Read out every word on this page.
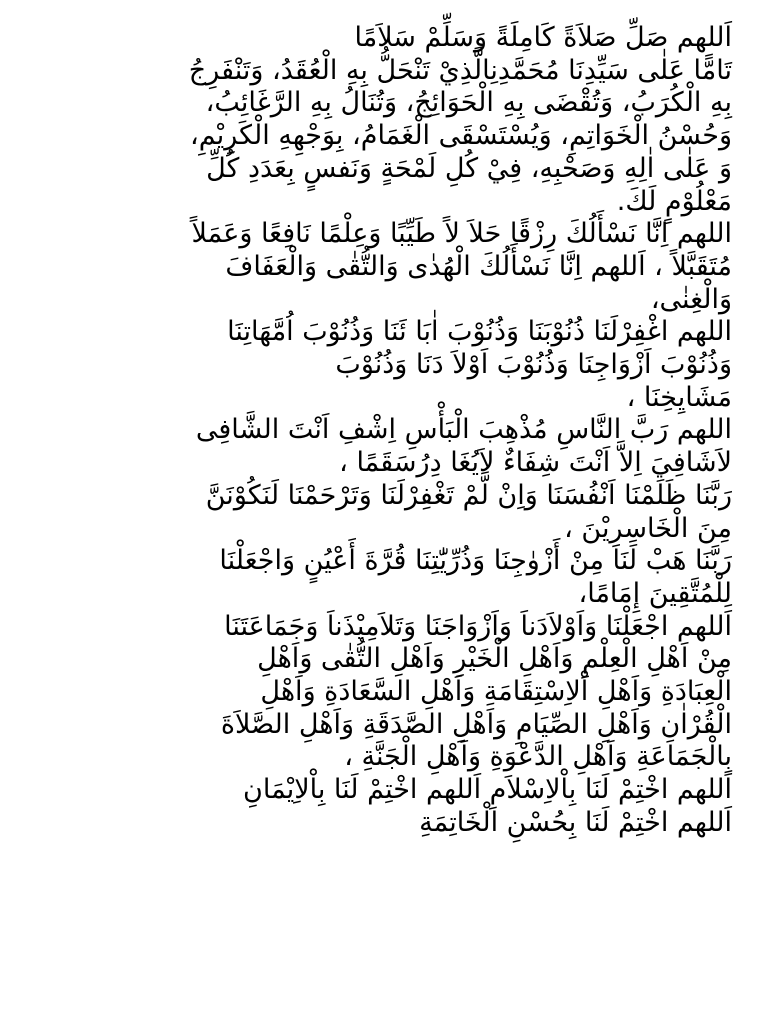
اَللهم صَلِّ صَلاَةً كَامِلَةً وَسَلِّمْ سَلاَمًا
تَامًّا عَلٰى سَيِّدِنَا مُحَمَّدِنِالَّذِيْ تَنْحَلُّ بِهِ الْعُقَدُ، وَتَنْفَرِجُ
بِهِ الْكُرَبُ، وَتُقْضَى بِهِ الْحَوَائِجُ، وَتُنَالُ بِهِ الرَّغَائِبُ،
وَحُسْنُ الْخَوَاتِمِ، وَيُسْتَسْقَى الْغَمَامُ، بِوَجْهِهِ الْكَرِيْمِ،
وَ عَلٰى اٰلِهِ وَصَحْبِهِ، فِيْ كُلِ لَمْحَةٍ وَنَفسٍ بِعَدَدِ كُلِّ
مَعْلُوْمٍ لَكَ.
اللهم اِنَّا نَسْأَلُكَ رِزْقًا حَلاَ لاً طَيِّبًا وَعِلْمًا نَافِعًا وَعَمَلاً
مُتَقَبَّلاً ، اَللهم اِنَّا نَسْأَلُكَ الْهُدٰى وَالتُّقٰى وَالْعَفَافَ
وَالْغِنٰى،
اللهم اغْفِرْلَنَا ذُنُوْبَنَا وَذُنُوْبَ اٰبَا ئَنَا وَذُنُوْبَ اُمَّهَاتِنَا
وَذُنُوْبَ اَزْوَاجِنَا وَذُنُوْبَ اَوْلاَ دَنَا وَذُنُوْبَ
مَشَايِخِنَا ،
اللهم رَبَّ النَّاسِ مُذْهِبَ الْبَأْسِ اِشْفِ اَنْتَ الشَّافِى
لاَشَافِيَ اِلاَّ اَنْتَ شِفَاءٌ لاَيُغَا دِرُسَقَمًا ،
رَبَّنَا ظَلَمْنَا اَنْفُسَنَا وَاِنْ لَّمْ تَغْفِرْلَنَا وَتَرْحَمْنَا لَنَكُوْنَنَّ
مِنَ الْخَاسِرِيْنَ ،
رَبَّنَا هَبْ لَنَا مِنْ أَزْوٰجِنَا وَذُرِّيّٰتِنَا قُرَّةَ أَعْيُنٍ وَاجْعَلْنَا
لِلْمُتَّقِينَ إِمَامًا،
اَللهم اجْعَلْنَا وَاَوْلاَدَناَ وَاَزْوَاجَنَا وَتَلاَمِيْذَناَ وَجَمَاعَتَنَا
مِنْ اَهْلِ الْعِلْمِ وَاَهْلِ الْخَيْرِ وَاَهْلِ التُّقٰى وَاَهْلِ
الْعِبَادَةِ وَاَهْلِ اْلاِسْتِقَامَةِ وَاَهْلِ السَّعَادَةِ وَاَهْلِ
الْقُرْاٰنِ وَاَهْلِ الصِّيَامِ وَاَهْلِ الصَّدَقَةِ وَاَهْلِ الصَّلاَةَ
بِالْجَمَاعَةِ وَاَهْلِ الدَّعْوَةِ وَاَهْلِ الْجَنَّةِ ،
اَللهم اخْتِمْ لَنَا بِاْلاِسْلاَمِ اَللهم اخْتِمْ لَنَا بِاْلاِيْمَانِ
اَللهم اخْتِمْ لَنَا بِحُسْنِ الْخَاتِمَةِ
